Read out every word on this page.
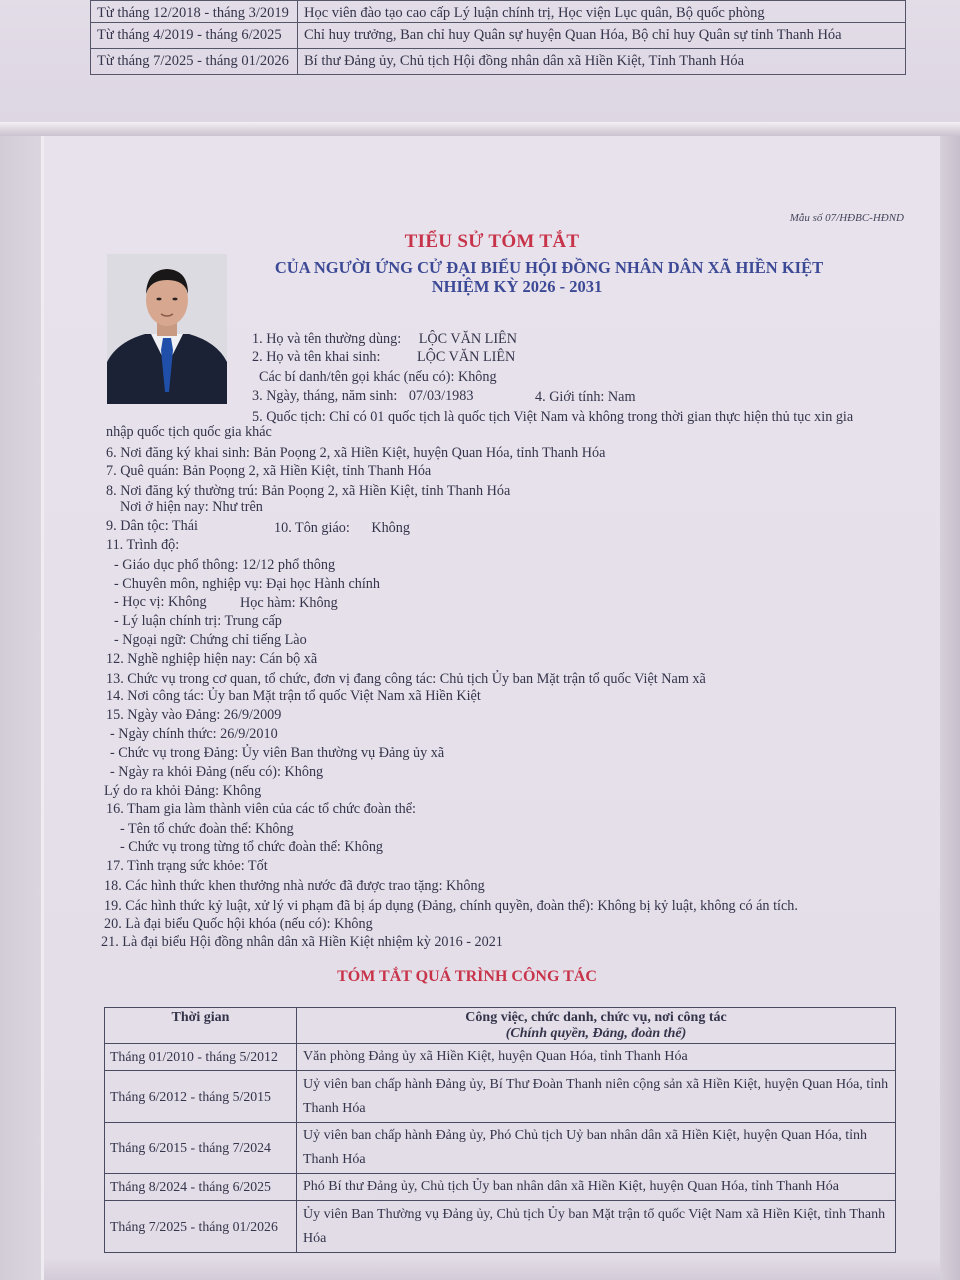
Từ tháng 12/2018 - tháng 3/2019	Học viên đào tạo cao cấp Lý luận chính trị, Học viện Lục quân, Bộ quốc phòng
Từ tháng 4/2019 - tháng 6/2025	Chỉ huy trưởng, Ban chỉ huy Quân sự huyện Quan Hóa, Bộ chỉ huy Quân sự tỉnh Thanh Hóa
Từ tháng 7/2025 - tháng 01/2026	Bí thư Đảng ủy, Chủ tịch Hội đồng nhân dân xã Hiền Kiệt, Tỉnh Thanh Hóa
Mẫu số 07/HĐBC-HĐND
TIỂU SỬ TÓM TẮT
CỦA NGƯỜI ỨNG CỬ ĐẠI BIỂU HỘI ĐỒNG NHÂN DÂN XÃ HIỀN KIỆT
NHIỆM KỲ 2026 - 2031
1. Họ và tên thường dùng: LỘC VĂN LIÊN
2. Họ và tên khai sinh:	LỘC VĂN LIÊN
Các bí danh/tên gọi khác (nếu có): Không
3. Ngày, tháng, năm sinh: 07/03/1983	4. Giới tính: Nam
5. Quốc tịch: Chỉ có 01 quốc tịch là quốc tịch Việt Nam và không trong thời gian thực hiện thủ tục xin gia
nhập quốc tịch quốc gia khác
6. Nơi đăng ký khai sinh: Bản Poọng 2, xã Hiền Kiệt, huyện Quan Hóa, tỉnh Thanh Hóa
7. Quê quán: Bản Poọng 2, xã Hiền Kiệt, tỉnh Thanh Hóa
8. Nơi đăng ký thường trú: Bản Poọng 2, xã Hiền Kiệt, tỉnh Thanh Hóa
Nơi ở hiện nay: Như trên
9. Dân tộc: Thái	10. Tôn giáo: Không
11. Trình độ:
- Giáo dục phổ thông: 12/12 phổ thông
- Chuyên môn, nghiệp vụ: Đại học Hành chính
- Học vị: Không Học hàm: Không
- Lý luận chính trị: Trung cấp
- Ngoại ngữ: Chứng chỉ tiếng Lào
12. Nghề nghiệp hiện nay: Cán bộ xã
13. Chức vụ trong cơ quan, tổ chức, đơn vị đang công tác: Chủ tịch Ủy ban Mặt trận tổ quốc Việt Nam xã
14. Nơi công tác: Ủy ban Mặt trận tổ quốc Việt Nam xã Hiền Kiệt
15. Ngày vào Đảng: 26/9/2009
- Ngày chính thức: 26/9/2010
- Chức vụ trong Đảng: Ủy viên Ban thường vụ Đảng ủy xã
- Ngày ra khỏi Đảng (nếu có): Không
Lý do ra khỏi Đảng: Không
16. Tham gia làm thành viên của các tổ chức đoàn thể:
- Tên tổ chức đoàn thể: Không
- Chức vụ trong từng tổ chức đoàn thể: Không
17. Tình trạng sức khỏe: Tốt
18. Các hình thức khen thưởng nhà nước đã được trao tặng: Không
19. Các hình thức kỷ luật, xử lý vi phạm đã bị áp dụng (Đảng, chính quyền, đoàn thể): Không bị kỷ luật, không có án tích.
20. Là đại biểu Quốc hội khóa (nếu có): Không
21. Là đại biểu Hội đồng nhân dân xã Hiền Kiệt nhiệm kỳ 2016 - 2021
TÓM TẮT QUÁ TRÌNH CÔNG TÁC
Thời gian	Công việc, chức danh, chức vụ, nơi công tác
(Chính quyền, Đảng, đoàn thể)

Tháng 01/2010 - tháng 5/2012	Văn phòng Đảng ủy xã Hiền Kiệt, huyện Quan Hóa, tỉnh Thanh Hóa
Tháng 6/2012 - tháng 5/2015	Uỷ viên ban chấp hành Đảng ủy, Bí Thư Đoàn Thanh niên cộng sản xã Hiền Kiệt, huyện Quan Hóa, tỉnh Thanh Hóa
Tháng 6/2015 - tháng 7/2024	Uỷ viên ban chấp hành Đảng ủy, Phó Chủ tịch Uỷ ban nhân dân xã Hiền Kiệt, huyện Quan Hóa, tỉnh Thanh Hóa
Tháng 8/2024 - tháng 6/2025	Phó Bí thư Đảng ủy, Chủ tịch Ủy ban nhân dân xã Hiền Kiệt, huyện Quan Hóa, tỉnh Thanh Hóa
Tháng 7/2025 - tháng 01/2026	Ủy viên Ban Thường vụ Đảng ủy, Chủ tịch Ủy ban Mặt trận tổ quốc Việt Nam xã Hiền Kiệt, tỉnh Thanh Hóa
